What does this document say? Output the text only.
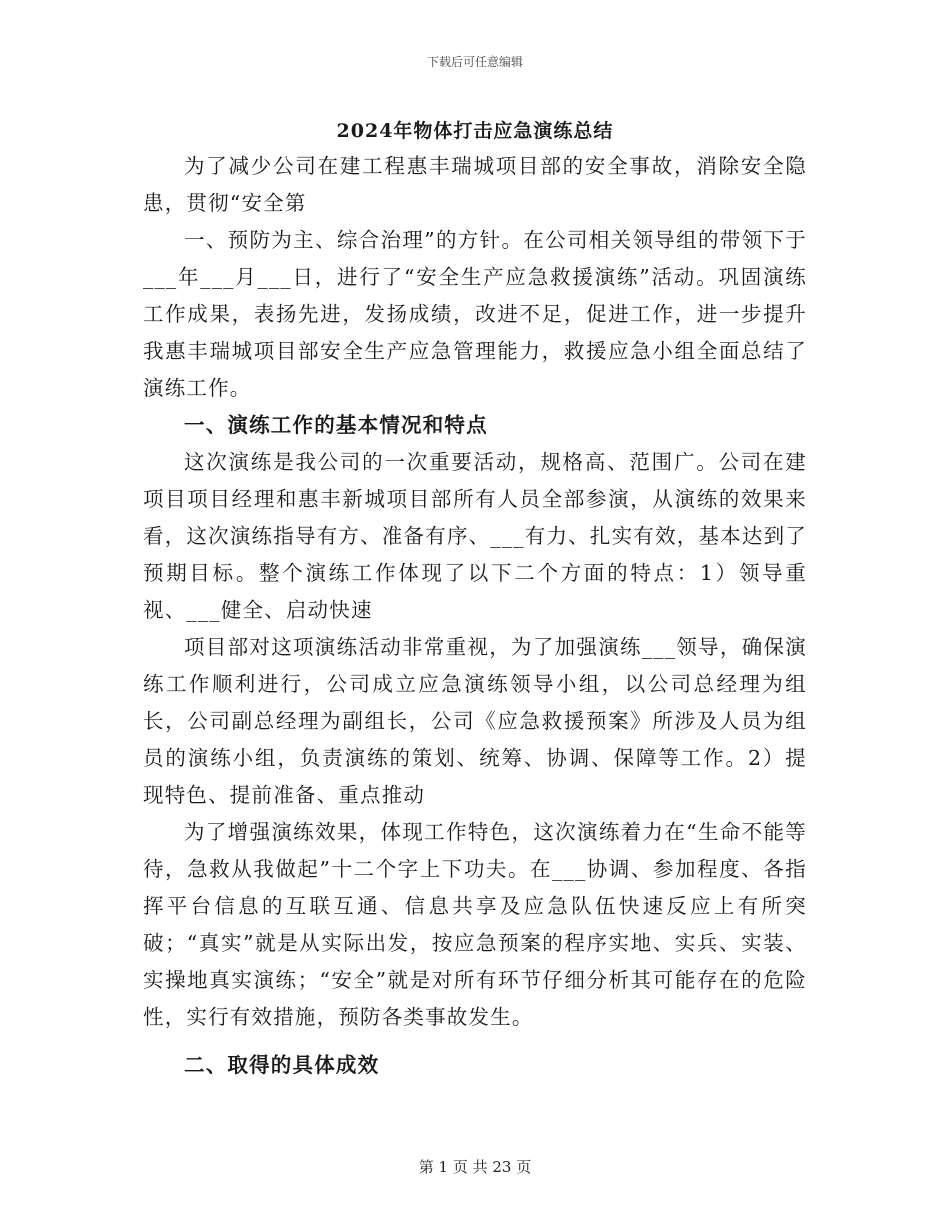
下载后可任意编辑
2024年物体打击应急演练总结

为了减少公司在建工程惠丰瑞城项目部的安全事故，消除安全隐患，贯彻“安全第

一、预防为主、综合治理”的方针。在公司相关领导组的带领下于___年___月___日，进行了“安全生产应急救援演练”活动。巩固演练工作成果，表扬先进，发扬成绩，改进不足，促进工作，进一步提升我惠丰瑞城项目部安全生产应急管理能力，救援应急小组全面总结了演练工作。

一、演练工作的基本情况和特点

这次演练是我公司的一次重要活动，规格高、范围广。公司在建项目项目经理和惠丰新城项目部所有人员全部参演，从演练的效果来看，这次演练指导有方、准备有序、___有力、扎实有效，基本达到了预期目标。整个演练工作体现了以下二个方面的特点：1）领导重视、___健全、启动快速

项目部对这项演练活动非常重视，为了加强演练___领导，确保演练工作顺利进行，公司成立应急演练领导小组，以公司总经理为组长，公司副总经理为副组长，公司《应急救援预案》所涉及人员为组员的演练小组，负责演练的策划、统筹、协调、保障等工作。2）提现特色、提前准备、重点推动

为了增强演练效果，体现工作特色，这次演练着力在“生命不能等待，急救从我做起”十二个字上下功夫。在___协调、参加程度、各指挥平台信息的互联互通、信息共享及应急队伍快速反应上有所突破；“真实”就是从实际出发，按应急预案的程序实地、实兵、实装、实操地真实演练；“安全”就是对所有环节仔细分析其可能存在的危险性，实行有效措施，预防各类事故发生。

二、取得的具体成效

第 1 页 共 23 页
